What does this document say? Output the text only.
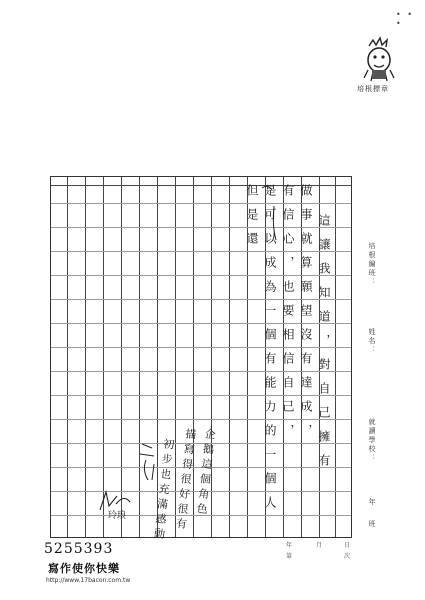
• • •
培根標章
這讓我知道，對自己擁有
做事就算願望沒有達成，
有信心，也要相信自己，
是可以成為一個有能力的一個人
但是還
企鵝這個角色
描寫得很好很有
初步也充滿感動
玲琅
培根編班：
姓名：
就讀學校：
年
班
年	月	日
第	次
5255393
寫作使你快樂
http://www.17bacon.com.tw
